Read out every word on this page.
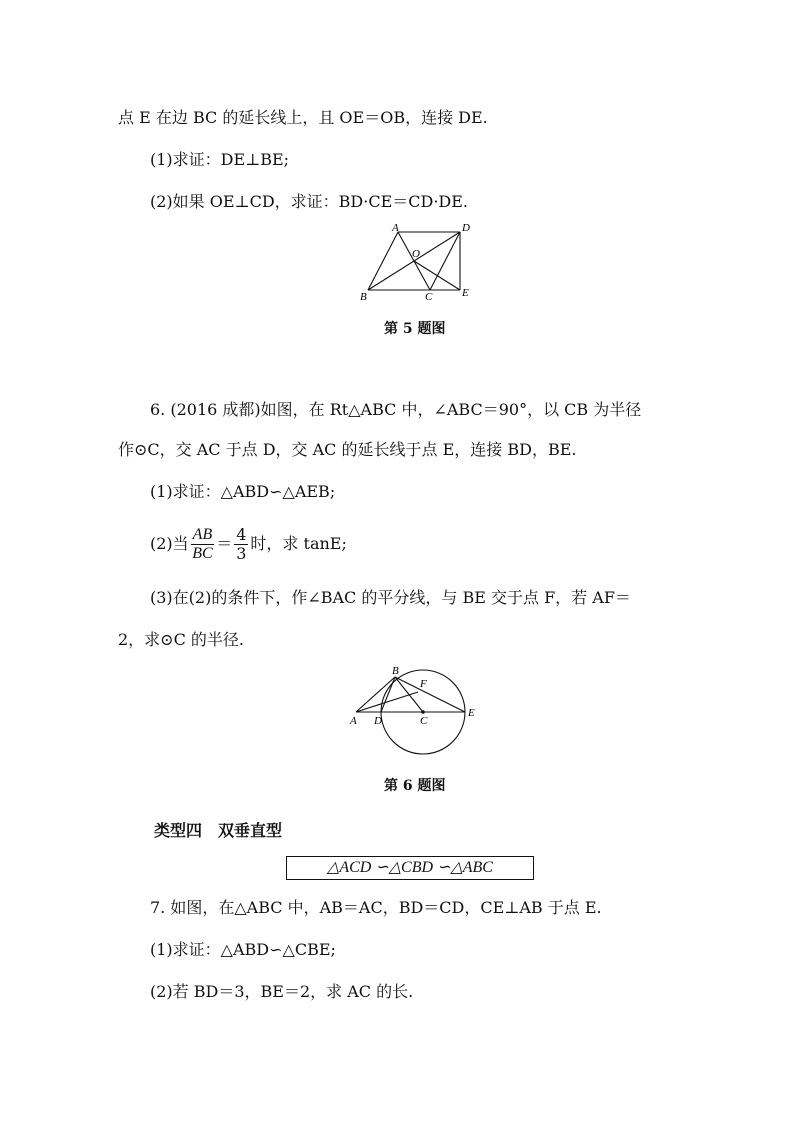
点 E 在边 BC 的延长线上，且 OE＝OB，连接 DE.
(1)求证：DE⊥BE;
(2)如果 OE⊥CD，求证：BD·CE＝CD·DE.
A	D
O
B	C	E
第 5 题图
6. (2016 成都)如图，在 Rt△ABC 中，∠ABC＝90°，以 CB 为半径
作⊙C，交 AC 于点 D，交 AC 的延长线于点 E，连接 BD，BE.
(1)求证：△ABD∽△AEB;
(2)当 $\frac{AB}{BC} = \frac{4}{3}$ 时，求 tanE;
(3)在(2)的条件下，作∠BAC 的平分线，与 BE 交于点 F，若 AF＝
2，求⊙C 的半径.
B
F
A D	C
E
第 6 题图
类型四　双垂直型
△ACD ∽△CBD ∽△ABC
7. 如图，在△ABC 中，AB＝AC，BD＝CD，CE⊥AB 于点 E.
(1)求证：△ABD∽△CBE;
(2)若 BD＝3，BE＝2，求 AC 的长.
